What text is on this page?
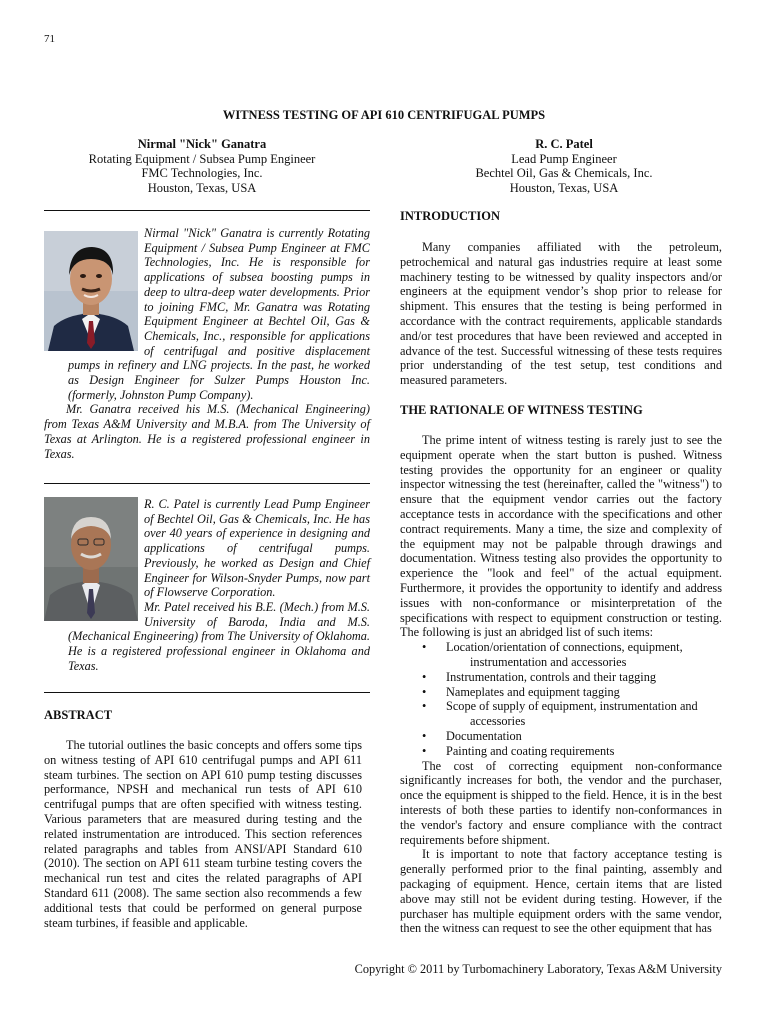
71
WITNESS TESTING OF API 610 CENTRIFUGAL PUMPS
Nirmal "Nick" Ganatra
Rotating Equipment / Subsea Pump Engineer
FMC Technologies, Inc.
Houston, Texas, USA
R. C. Patel
Lead Pump Engineer
Bechtel Oil, Gas & Chemicals, Inc.
Houston, Texas, USA

Nirmal "Nick" Ganatra is currently Rotating Equipment / Subsea Pump Engineer at FMC Technologies, Inc. He is responsible for applications of subsea boosting pumps in deep to ultra-deep water developments. Prior to joining FMC, Mr. Ganatra was Rotating Equipment Engineer at Bechtel Oil, Gas & Chemicals, Inc., responsible for applications of centrifugal and positive displacement pumps in refinery and LNG projects. In the past, he worked as Design Engineer for Sulzer Pumps Houston Inc. (formerly, Johnston Pump Company).

Mr. Ganatra received his M.S. (Mechanical Engineering) from Texas A&M University and M.B.A. from The University of Texas at Arlington. He is a registered professional engineer in Texas.

R. C. Patel is currently Lead Pump Engineer of Bechtel Oil, Gas & Chemicals, Inc. He has over 40 years of experience in designing and applications of centrifugal pumps. Previously, he worked as Design and Chief Engineer for Wilson-Snyder Pumps, now part of Flowserve Corporation.

Mr. Patel received his B.E. (Mech.) from M.S. University of Baroda, India and M.S. (Mechanical Engineering) from The University of Oklahoma. He is a registered professional engineer in Oklahoma and Texas.

ABSTRACT

The tutorial outlines the basic concepts and offers some tips on witness testing of API 610 centrifugal pumps and API 611 steam turbines. The section on API 610 pump testing discusses performance, NPSH and mechanical run tests of API 610 centrifugal pumps that are often specified with witness testing. Various parameters that are measured during testing and the related instrumentation are introduced. This section references related paragraphs and tables from ANSI/API Standard 610 (2010). The section on API 611 steam turbine testing covers the mechanical run test and cites the related paragraphs of API Standard 611 (2008). The same section also recommends a few additional tests that could be performed on general purpose steam turbines, if feasible and applicable.

INTRODUCTION

Many companies affiliated with the petroleum, petrochemical and natural gas industries require at least some machinery testing to be witnessed by quality inspectors and/or engineers at the equipment vendor’s shop prior to release for shipment. This ensures that the testing is being performed in accordance with the contract requirements, applicable standards and/or test procedures that have been reviewed and accepted in advance of the test. Successful witnessing of these tests requires prior understanding of the test setup, test conditions and measured parameters.

THE RATIONALE OF WITNESS TESTING

The prime intent of witness testing is rarely just to see the equipment operate when the start button is pushed. Witness testing provides the opportunity for an engineer or quality inspector witnessing the test (hereinafter, called the "witness") to ensure that the equipment vendor carries out the factory acceptance tests in accordance with the specifications and other contract requirements. Many a time, the size and complexity of the equipment may not be palpable through drawings and documentation. Witness testing also provides the opportunity to experience the "look and feel" of the actual equipment. Furthermore, it provides the opportunity to identify and address issues with non-conformance or misinterpretation of the specifications with respect to equipment construction or testing. The following is just an abridged list of such items:

• Location/orientation of connections, equipment,
instrumentation and accessories
• Instrumentation, controls and their tagging
• Nameplates and equipment tagging
• Scope of supply of equipment, instrumentation and
accessories
• Documentation
• Painting and coating requirements

The cost of correcting equipment non-conformance significantly increases for both, the vendor and the purchaser, once the equipment is shipped to the field. Hence, it is in the best interests of both these parties to identify non-conformances in the vendor's factory and ensure compliance with the contract requirements before shipment.

It is important to note that factory acceptance testing is generally performed prior to the final painting, assembly and packaging of equipment. Hence, certain items that are listed above may still not be evident during testing. However, if the purchaser has multiple equipment orders with the same vendor, then the witness can request to see the other equipment that has

Copyright © 2011 by Turbomachinery Laboratory, Texas A&M University
